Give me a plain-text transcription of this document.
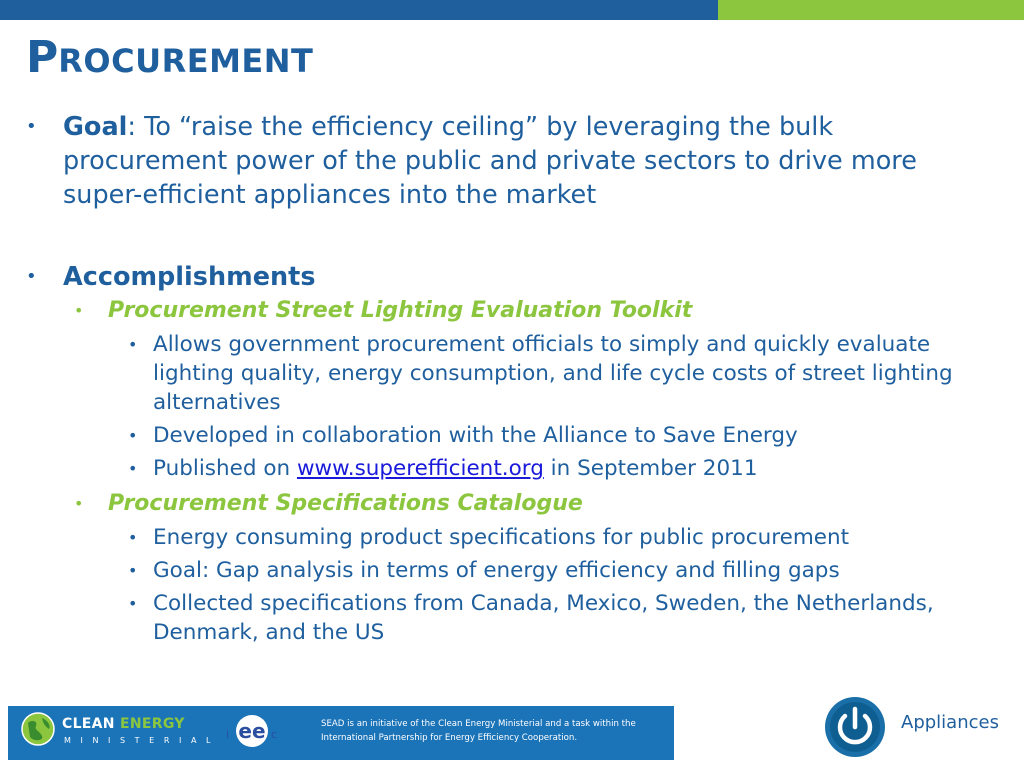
PROCUREMENT
• Goal: To “raise the efficiency ceiling” by leveraging the bulk procurement power of the public and private sectors to drive more super-efficient appliances into the market
• Accomplishments
• Procurement Street Lighting Evaluation Toolkit
• Allows government procurement officials to simply and quickly evaluate lighting quality, energy consumption, and life cycle costs of street lighting alternatives
• Developed in collaboration with the Alliance to Save Energy
• Published on www.superefficient.org in September 2011
• Procurement Specifications Catalogue
• Energy consuming product specifications for public procurement
• Goal: Gap analysis in terms of energy efficiency and filling gaps
• Collected specifications from Canada, Mexico, Sweden, the Netherlands, Denmark, and the US
CLEAN ENERGY
MINISTERIAL ee
i	c
SEAD is an initiative of the Clean Energy Ministerial and a task within the International Partnership for Energy Efficiency Cooperation.
Appliances
